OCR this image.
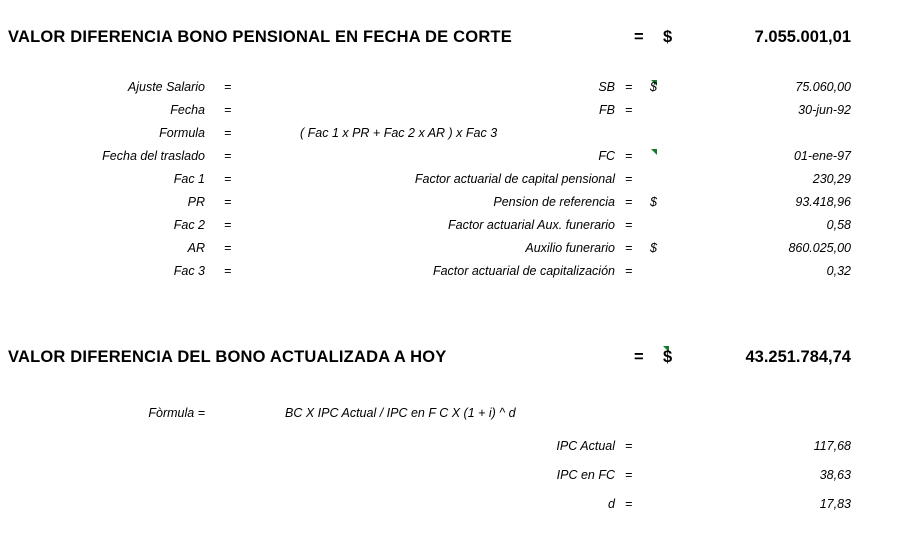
VALOR DIFERENCIA BONO PENSIONAL EN FECHA DE CORTE	= $	7.055.001,01
Ajuste Salario =	SB = $	75.060,00
Fecha =	FB =	30-jun-92
Formula =	( Fac 1 x PR + Fac 2 x AR ) x Fac 3
Fecha del traslado =	FC =	01-ene-97
Fac 1 =	Factor actuarial de capital pensional =	230,29
PR =	Pension de referencia = $	93.418,96
Fac 2 =	Factor actuarial Aux. funerario =	0,58
AR =	Auxilio funerario = $	860.025,00
Fac 3 =	Factor actuarial de capitalización =	0,32
VALOR DIFERENCIA DEL BONO ACTUALIZADA A HOY	= $	43.251.784,74
Fòrmula =	BC X IPC Actual / IPC en F C X (1 + i) ^ d
IPC Actual =	117,68
IPC en FC =	38,63
d =	17,83
